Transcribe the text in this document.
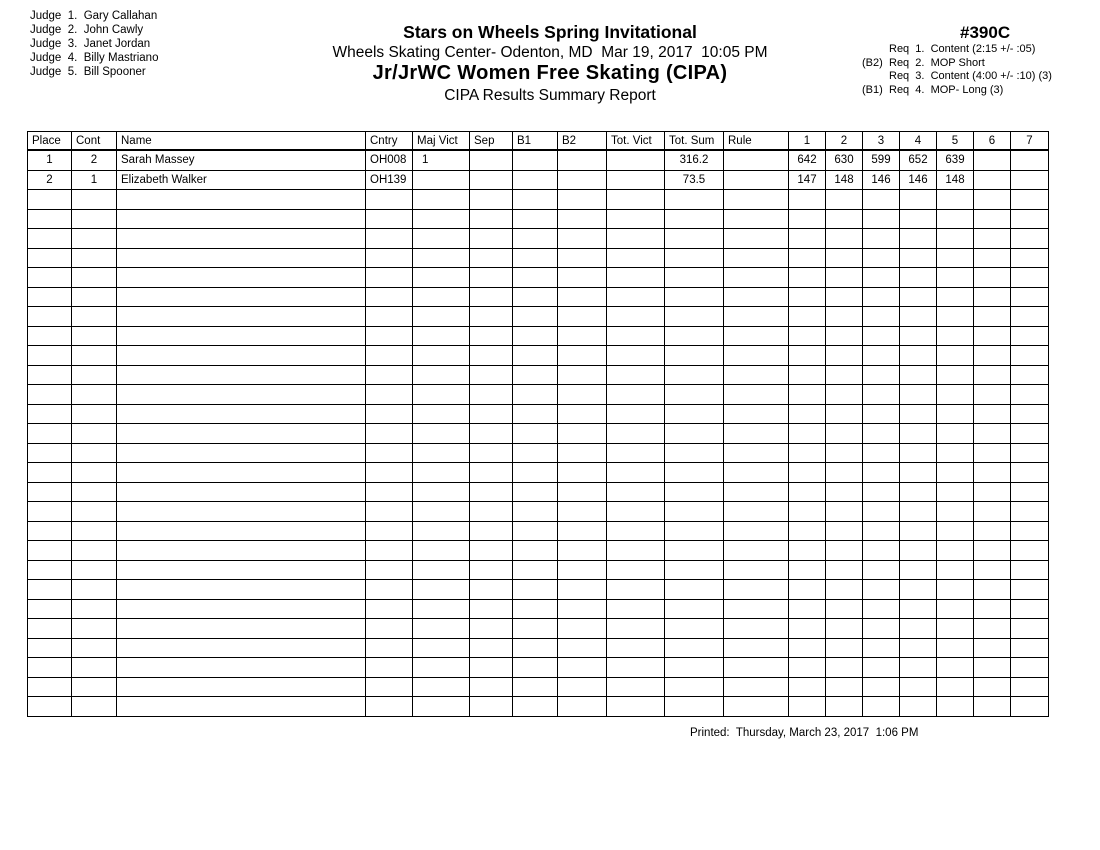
Judge  1.  Gary Callahan
Judge  2.  John Cawly
Judge  3.  Janet Jordan
Judge  4.  Billy Mastriano
Judge  5.  Bill Spooner
Stars on Wheels Spring Invitational
Wheels Skating Center- Odenton, MD  Mar 19, 2017  10:05 PM
Jr/JrWC Women Free Skating (CIPA)
CIPA Results Summary Report
#390C
Req  1.  Content (2:15 +/- :05)
(B2) Req  2.  MOP Short
Req  3.  Content (4:00 +/- :10) (3)
(B1) Req  4.  MOP- Long (3)
Place	Cont	Name	Cntry	Maj Vict	Sep	B1	B2	Tot. Vict	Tot. Sum	Rule	1	2	3	4	5	6	7
1	2	Sarah Massey	OH008	1					316.2		642	630	599	652	639		
2	1	Elizabeth Walker	OH139						73.5		147	148	146	146	148		

Printed:  Thursday, March 23, 2017  1:06 PM
